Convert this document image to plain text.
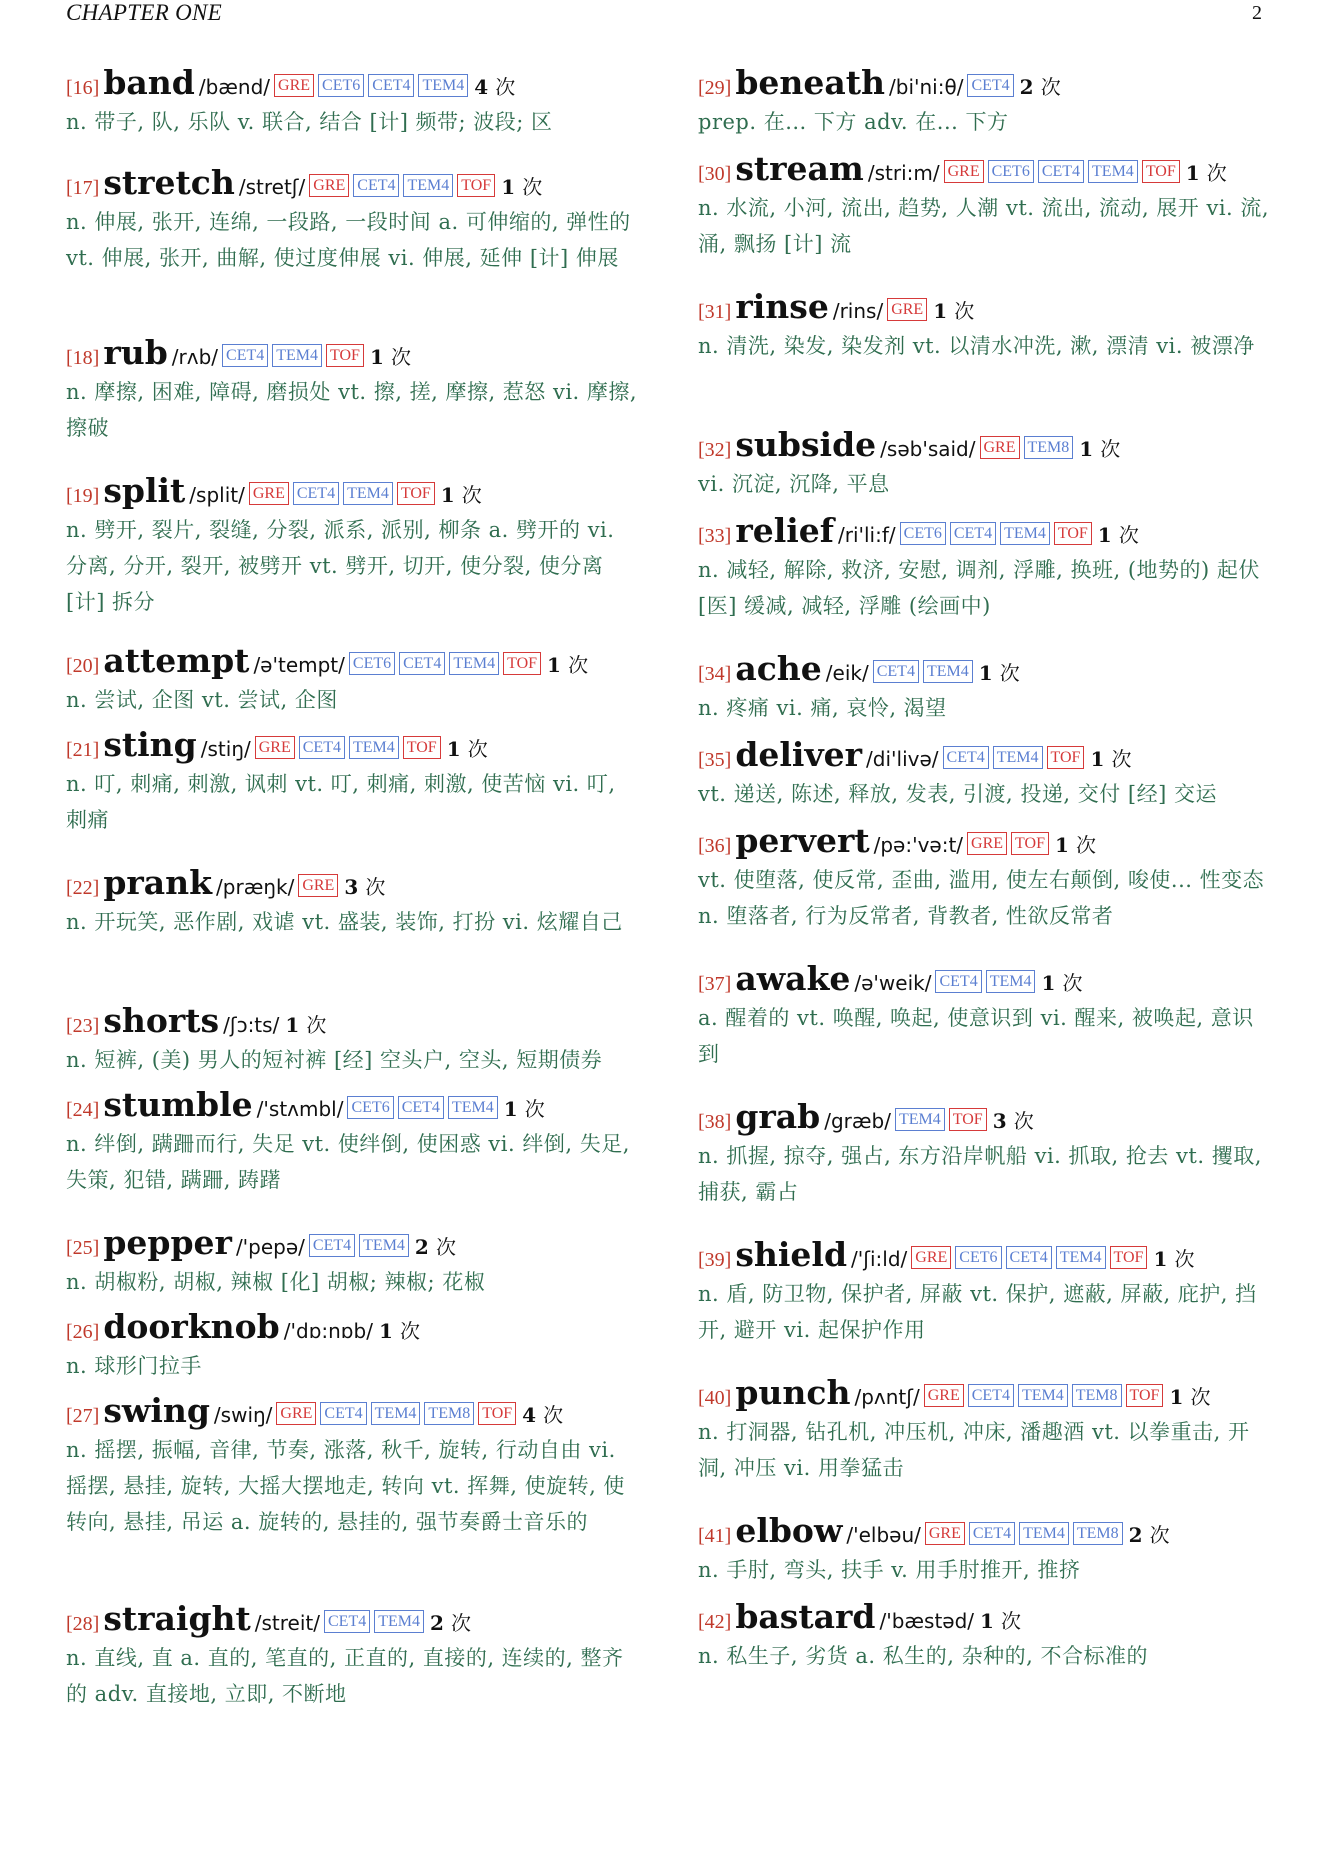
CHAPTER ONE	2
[16] band /bænd/ GRE CET6 CET4 TEM4 4 次
n. 带子, 队, 乐队 v. 联合, 结合 [计] 频带; 波段; 区
[17] stretch /stretʃ/ GRE CET4 TEM4 TOF 1 次
n. 伸展, 张开, 连绵, 一段路, 一段时间 a. 可伸缩的, 弹性的 vt. 伸展, 张开, 曲解, 使过度伸展 vi. 伸展, 延伸 [计] 伸展
[18] rub /rʌb/ CET4 TEM4 TOF 1 次
n. 摩擦, 困难, 障碍, 磨损处 vt. 擦, 搓, 摩擦, 惹怒 vi. 摩擦, 擦破
[19] split /split/ GRE CET4 TEM4 TOF 1 次
n. 劈开, 裂片, 裂缝, 分裂, 派系, 派别, 柳条 a. 劈开的 vi. 分离, 分开, 裂开, 被劈开 vt. 劈开, 切开, 使分裂, 使分离 [计] 拆分
[20] attempt /ə'tempt/ CET6 CET4 TEM4 TOF 1 次
n. 尝试, 企图 vt. 尝试, 企图
[21] sting /stiŋ/ GRE CET4 TEM4 TOF 1 次
n. 叮, 刺痛, 刺激, 讽刺 vt. 叮, 刺痛, 刺激, 使苦恼 vi. 叮, 刺痛
[22] prank /præŋk/ GRE 3 次
n. 开玩笑, 恶作剧, 戏谑 vt. 盛装, 装饰, 打扮 vi. 炫耀自己
[23] shorts /ʃɔ:ts/ 1 次
n. 短裤, (美) 男人的短衬裤 [经] 空头户, 空头, 短期债券
[24] stumble /'stʌmbl/ CET6 CET4 TEM4 1 次
n. 绊倒, 蹒跚而行, 失足 vt. 使绊倒, 使困惑 vi. 绊倒, 失足, 失策, 犯错, 蹒跚, 踌躇
[25] pepper /'pepə/ CET4 TEM4 2 次
n. 胡椒粉, 胡椒, 辣椒 [化] 胡椒; 辣椒; 花椒
[26] doorknob /'dɒ:nɒb/ 1 次
n. 球形门拉手
[27] swing /swiŋ/ GRE CET4 TEM4 TEM8 TOF 4 次
n. 摇摆, 振幅, 音律, 节奏, 涨落, 秋千, 旋转, 行动自由 vi. 摇摆, 悬挂, 旋转, 大摇大摆地走, 转向 vt. 挥舞, 使旋转, 使转向, 悬挂, 吊运 a. 旋转的, 悬挂的, 强节奏爵士音乐的
[28] straight /streit/ CET4 TEM4 2 次
n. 直线, 直 a. 直的, 笔直的, 正直的, 直接的, 连续的, 整齐的 adv. 直接地, 立即, 不断地
[29] beneath /bi'ni:θ/ CET4 2 次
prep. 在... 下方 adv. 在... 下方
[30] stream /stri:m/ GRE CET6 CET4 TEM4 TOF 1 次
n. 水流, 小河, 流出, 趋势, 人潮 vt. 流出, 流动, 展开 vi. 流, 涌, 飘扬 [计] 流
[31] rinse /rins/ GRE 1 次
n. 清洗, 染发, 染发剂 vt. 以清水冲洗, 漱, 漂清 vi. 被漂净
[32] subside /səb'said/ GRE TEM8 1 次
vi. 沉淀, 沉降, 平息
[33] relief /ri'li:f/ CET6 CET4 TEM4 TOF 1 次
n. 减轻, 解除, 救济, 安慰, 调剂, 浮雕, 换班, (地势的) 起伏 [医] 缓减, 减轻, 浮雕 (绘画中)
[34] ache /eik/ CET4 TEM4 1 次
n. 疼痛 vi. 痛, 哀怜, 渴望
[35] deliver /di'livə/ CET4 TEM4 TOF 1 次
vt. 递送, 陈述, 释放, 发表, 引渡, 投递, 交付 [经] 交运
[36] pervert /pə:'və:t/ GRE TOF 1 次
vt. 使堕落, 使反常, 歪曲, 滥用, 使左右颠倒, 唆使... 性变态 n. 堕落者, 行为反常者, 背教者, 性欲反常者
[37] awake /ə'weik/ CET4 TEM4 1 次
a. 醒着的 vt. 唤醒, 唤起, 使意识到 vi. 醒来, 被唤起, 意识到
[38] grab /græb/ TEM4 TOF 3 次
n. 抓握, 掠夺, 强占, 东方沿岸帆船 vi. 抓取, 抢去 vt. 攫取, 捕获, 霸占
[39] shield /'ʃi:ld/ GRE CET6 CET4 TEM4 TOF 1 次
n. 盾, 防卫物, 保护者, 屏蔽 vt. 保护, 遮蔽, 屏蔽, 庇护, 挡开, 避开 vi. 起保护作用
[40] punch /pʌntʃ/ GRE CET4 TEM4 TEM8 TOF 1 次
n. 打洞器, 钻孔机, 冲压机, 冲床, 潘趣酒 vt. 以拳重击, 开洞, 冲压 vi. 用拳猛击
[41] elbow /'elbəu/ GRE CET4 TEM4 TEM8 2 次
n. 手肘, 弯头, 扶手 v. 用手肘推开, 推挤
[42] bastard /'bæstəd/ 1 次
n. 私生子, 劣货 a. 私生的, 杂种的, 不合标准的
